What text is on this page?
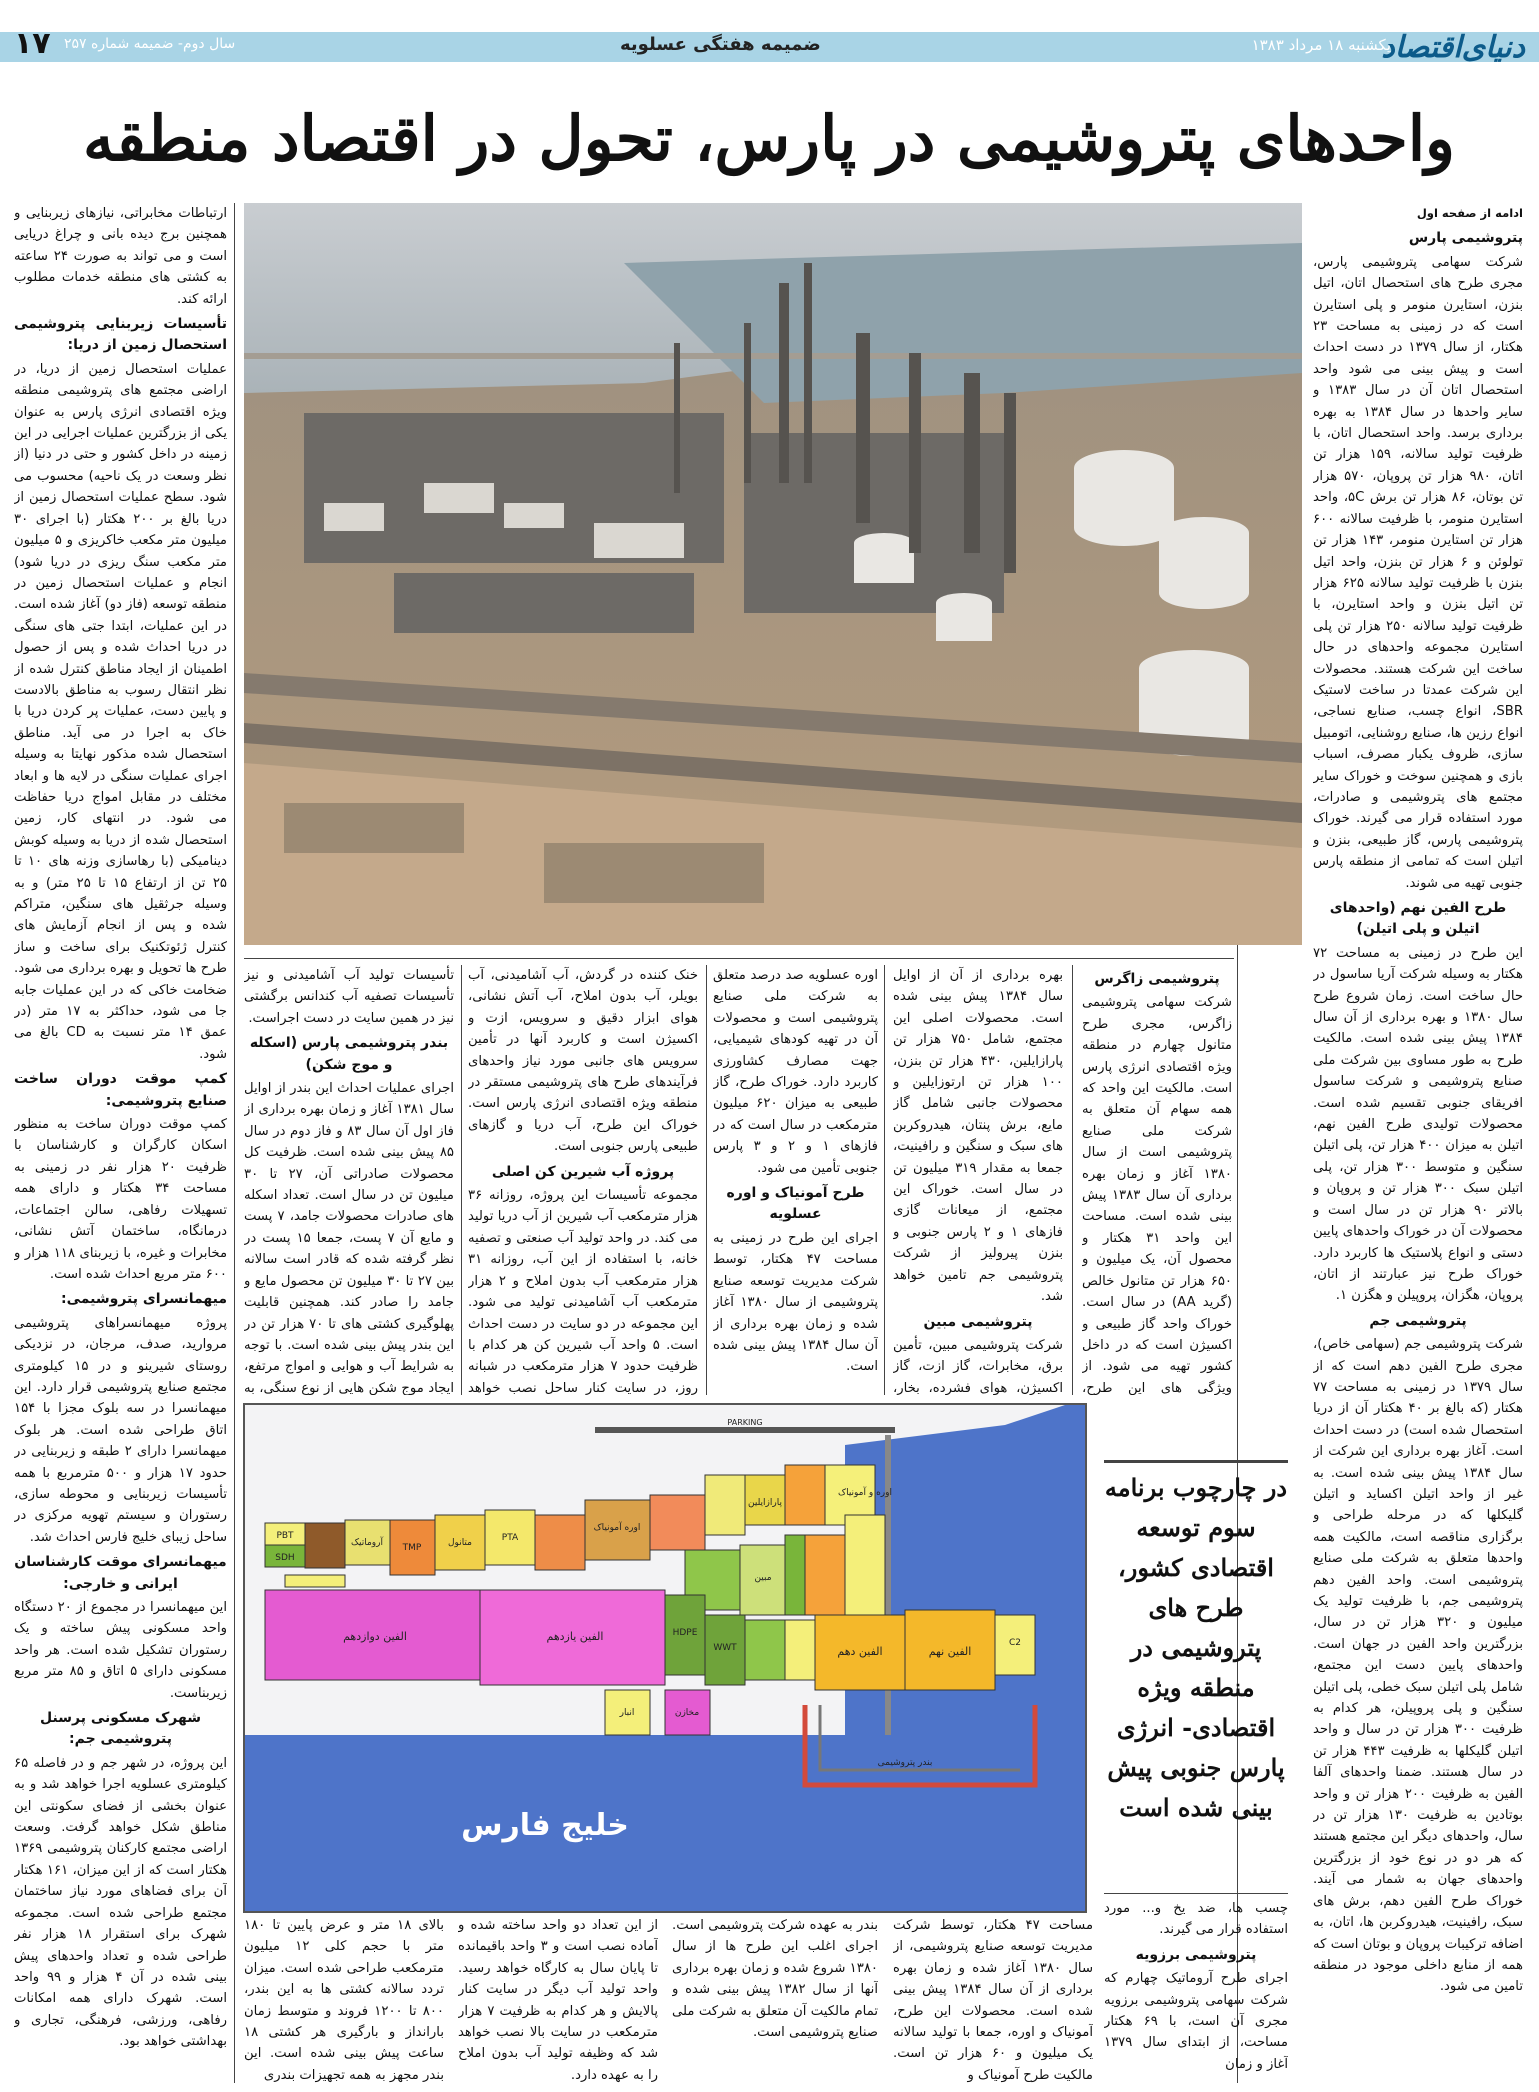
دنیای‌اقتصاد
یکشنبه ۱۸ مرداد ۱۳۸۳
ضمیمه هفتگی عسلویه
سال دوم- ضمیمه شماره ۲۵۷
۱۷
واحدهای پتروشیمی در پارس، تحول در اقتصاد منطقه

ادامه از صفحه اول

پتروشیمی پارس

شرکت سهامی پتروشیمی پارس، مجری طرح های استحصال اتان، اتیل بنزن، استایرن منومر و پلی استایرن است که در زمینی به مساحت ۲۳ هکتار، از سال ۱۳۷۹ در دست احداث است و پیش بینی می شود واحد استحصال اتان آن در سال ۱۳۸۳ و سایر واحدها در سال ۱۳۸۴ به بهره برداری برسد. واحد استحصال اتان، با ظرفیت تولید سالانه، ۱۵۹ هزار تن اتان، ۹۸۰ هزار تن پروپان، ۵۷۰ هزار تن بوتان، ۸۶ هزار تن برش ۵C، واحد استایرن منومر، با ظرفیت سالانه ۶۰۰ هزار تن استایرن منومر، ۱۴۳ هزار تن تولوئن و ۶ هزار تن بنزن، واحد اتیل بنزن با ظرفیت تولید سالانه ۶۲۵ هزار تن اتیل بنزن و واحد استایرن، با ظرفیت تولید سالانه ۲۵۰ هزار تن پلی استایرن مجموعه واحدهای در حال ساخت این شرکت هستند. محصولات این شرکت عمدتا در ساخت لاستیک SBR، انواع چسب، صنایع نساجی، انواع رزین ها، صنایع روشنایی، اتومبیل سازی، ظروف یکبار مصرف، اسباب بازی و همچنین سوخت و خوراک سایر مجتمع های پتروشیمی و صادرات، مورد استفاده قرار می گیرند. خوراک پتروشیمی پارس، گاز طبیعی، بنزن و اتیلن است که تمامی از منطقه پارس جنوبی تهیه می شوند.

طرح الفین نهم (واحدهای اتیلن و پلی اتیلن)

این طرح در زمینی به مساحت ۷۲ هکتار به وسیله شرکت آریا ساسول در حال ساخت است. زمان شروع طرح سال ۱۳۸۰ و بهره برداری از آن سال ۱۳۸۴ پیش بینی شده است. مالکیت طرح به طور مساوی بین شرکت ملی صنایع پتروشیمی و شرکت ساسول افریقای جنوبی تقسیم شده است. محصولات تولیدی طرح الفین نهم، اتیلن به میزان ۴۰۰ هزار تن، پلی اتیلن سنگین و متوسط ۳۰۰ هزار تن، پلی اتیلن سبک ۳۰۰ هزار تن و پروپان و بالاتر ۹۰ هزار تن در سال است و محصولات آن در خوراک واحدهای پایین دستی و انواع پلاستیک ها کاربرد دارد. خوراک طرح نیز عبارتند از اتان، پروپان، هگزان، پروپیلن و هگزن ۱.

پتروشیمی جم

شرکت پتروشیمی جم (سهامی خاص)، مجری طرح الفین دهم است که از سال ۱۳۷۹ در زمینی به مساحت ۷۷ هکتار (که بالغ بر ۴۰ هکتار آن از دریا استحصال شده است) در دست احداث است. آغاز بهره برداری این شرکت از سال ۱۳۸۴ پیش بینی شده است. به غیر از واحد اتیلن اکساید و اتیلن گلیکلها که در مرحله طراحی و برگزاری مناقصه است، مالکیت همه واحدها متعلق به شرکت ملی صنایع پتروشیمی است. واحد الفین دهم پتروشیمی جم، با ظرفیت تولید یک میلیون و ۳۲۰ هزار تن در سال، بزرگترین واحد الفین در جهان است. واحدهای پایین دست این مجتمع، شامل پلی اتیلن سبک خطی، پلی اتیلن سنگین و پلی پروپیلن، هر کدام به ظرفیت ۳۰۰ هزار تن در سال و واحد اتیلن گلیکلها به ظرفیت ۴۴۳ هزار تن در سال هستند. ضمنا واحدهای آلفا الفین به ظرفیت ۲۰۰ هزار تن و واحد بوتادین به ظرفیت ۱۳۰ هزار تن در سال، واحدهای دیگر این مجتمع هستند که هر دو در نوع خود از بزرگترین واحدهای جهان به شمار می آیند. خوراک طرح الفین دهم، برش های سبک، رافینیت، هیدروکربن ها، اتان، به اضافه ترکیبات پروپان و بوتان است که همه از منابع داخلی موجود در منطقه تامین می شود.

ارتباطات مخابراتی، نیازهای زیربنایی و همچنین برج دیده بانی و چراغ دریایی است و می تواند به صورت ۲۴ ساعته به کشتی های منطقه خدمات مطلوب ارائه کند.

تأسیسات زیربنایی پتروشیمی استحصال زمین از دریا:

عملیات استحصال زمین از دریا، در اراضی مجتمع های پتروشیمی منطقه ویژه اقتصادی انرژی پارس به عنوان یکی از بزرگترین عملیات اجرایی در این زمینه در داخل کشور و حتی در دنیا (از نظر وسعت در یک ناحیه) محسوب می شود. سطح عملیات استحصال زمین از دریا بالغ بر ۲۰۰ هکتار (با اجرای ۳۰ میلیون متر مکعب خاکریزی و ۵ میلیون متر مکعب سنگ ریزی در دریا شود) انجام و عملیات استحصال زمین در منطقه توسعه (فاز دو) آغاز شده است. در این عملیات، ابتدا جتی های سنگی در دریا احداث شده و پس از حصول اطمینان از ایجاد مناطق کنترل شده از نظر انتقال رسوب به مناطق بالادست و پایین دست، عملیات پر کردن دریا با خاک به اجرا در می آید. مناطق استحصال شده مذکور نهایتا به وسیله اجرای عملیات سنگی در لایه ها و ابعاد مختلف در مقابل امواج دریا حفاظت می شود. در انتهای کار، زمین استحصال شده از دریا به وسیله کوبش دینامیکی (با رهاسازی وزنه های ۱۰ تا ۲۵ تن از ارتفاع ۱۵ تا ۲۵ متر) و به وسیله جرثقیل های سنگین، متراکم شده و پس از انجام آزمایش های کنترل ژئوتکنیک برای ساخت و ساز طرح ها تحویل و بهره برداری می شود. ضخامت خاکی که در این عملیات جابه جا می شود، حداکثر به ۱۷ متر (در عمق ۱۴ متر نسبت به CD بالغ می شود.

کمپ موقت دوران ساخت صنایع پتروشیمی:

کمپ موقت دوران ساخت به منظور اسکان کارگران و کارشناسان با ظرفیت ۲۰ هزار نفر در زمینی به مساحت ۳۴ هکتار و دارای همه تسهیلات رفاهی، سالن اجتماعات، درمانگاه، ساختمان آتش نشانی، مخابرات و غیره، با زیربنای ۱۱۸ هزار و ۶۰۰ متر مربع احداث شده است.

میهمانسرای پتروشیمی:

پروژه میهمانسراهای پتروشیمی مروارید، صدف، مرجان، در نزدیکی روستای شیرینو و در ۱۵ کیلومتری مجتمع صنایع پتروشیمی قرار دارد. این میهمانسرا در سه بلوک مجزا با ۱۵۴ اتاق طراحی شده است. هر بلوک میهمانسرا دارای ۲ طبقه و زیربنایی در حدود ۱۷ هزار و ۵۰۰ مترمربع با همه تأسیسات زیربنایی و محوطه سازی، رستوران و سیستم تهویه مرکزی در ساحل زیبای خلیج فارس احداث شد.

میهمانسرای موقت کارشناسان ایرانی و خارجی:

این میهمانسرا در مجموع از ۲۰ دستگاه واحد مسکونی پیش ساخته و یک رستوران تشکیل شده است. هر واحد مسکونی دارای ۵ اتاق و ۸۵ متر مربع زیربناست.

شهرک مسکونی پرسنل پتروشیمی جم:

این پروژه، در شهر جم و در فاصله ۶۵ کیلومتری عسلویه اجرا خواهد شد و به عنوان بخشی از فضای سکونتی این مناطق شکل خواهد گرفت. وسعت اراضی مجتمع کارکنان پتروشیمی ۱۳۶۹ هکتار است که از این میزان، ۱۶۱ هکتار آن برای فضاهای مورد نیاز ساختمان مجتمع طراحی شده است. مجموعه شهرک برای استقرار ۱۸ هزار نفر طراحی شده و تعداد واحدهای پیش بینی شده در آن ۴ هزار و ۹۹ واحد است. شهرک دارای همه امکانات رفاهی، ورزشی، فرهنگی، تجاری و بهداشتی خواهد بود.

پتروشیمی زاگرس

شرکت سهامی پتروشیمی زاگرس، مجری طرح متانول چهارم در منطقه ویژه اقتصادی انرژی پارس است. مالکیت این واحد که همه سهام آن متعلق به شرکت ملی صنایع پتروشیمی است از سال ۱۳۸۰ آغاز و زمان بهره برداری آن سال ۱۳۸۳ پیش بینی شده است. مساحت این واحد ۳۱ هکتار و محصول آن، یک میلیون و ۶۵۰ هزار تن متانول خالص (گرید AA) در سال است. خوراک واحد گاز طبیعی و اکسیژن است که در داخل کشور تهیه می شود. از ویژگی های این طرح،

بهره برداری از آن از اوایل سال ۱۳۸۴ پیش بینی شده است. محصولات اصلی این مجتمع، شامل ۷۵۰ هزار تن پارازایلین، ۴۳۰ هزار تن بنزن، ۱۰۰ هزار تن ارتوزایلین و محصولات جانبی شامل گاز مایع، برش پنتان، هیدروکربن های سبک و سنگین و رافینیت، جمعا به مقدار ۳۱۹ میلیون تن در سال است. خوراک این مجتمع، از میعانات گازی فازهای ۱ و ۲ پارس جنوبی و بنزن پیرولیز از شرکت پتروشیمی جم تامین خواهد شد.

پتروشیمی مبین

شرکت پتروشیمی مبین، تأمین برق، مخابرات، گاز ازت، گاز اکسیژن، هوای فشرده، بخار،

اوره عسلویه صد درصد متعلق به شرکت ملی صنایع پتروشیمی است و محصولات آن در تهیه کودهای شیمیایی، جهت مصارف کشاورزی کاربرد دارد. خوراک طرح، گاز طبیعی به میزان ۶۲۰ میلیون مترمکعب در سال است که در فازهای ۱ و ۲ و ۳ پارس جنوبی تأمین می شود.

طرح آمونیاک و اوره عسلویه

اجرای این طرح در زمینی به مساحت ۴۷ هکتار، توسط شرکت مدیریت توسعه صنایع پتروشیمی از سال ۱۳۸۰ آغاز شده و زمان بهره برداری از آن سال ۱۳۸۴ پیش بینی شده است.

خنک کننده در گردش، آب آشامیدنی، آب بویلر، آب بدون املاح، آب آتش نشانی، هوای ابزار دقیق و سرویس، ازت و اکسیژن است و کاربرد آنها در تأمین سرویس های جانبی مورد نیاز واحدهای فرآیندهای طرح های پتروشیمی مستقر در منطقه ویژه اقتصادی انرژی پارس است. خوراک این طرح، آب دریا و گازهای طبیعی پارس جنوبی است.

پروژه آب شیرین کن اصلی

مجموعه تأسیسات این پروژه، روزانه ۳۶ هزار مترمکعب آب شیرین از آب دریا تولید می کند. در واحد تولید آب صنعتی و تصفیه خانه، با استفاده از این آب، روزانه ۳۱ هزار مترمکعب آب بدون املاح و ۲ هزار مترمکعب آب آشامیدنی تولید می شود. این مجموعه در دو سایت در دست احداث است. ۵ واحد آب شیرین کن هر کدام با ظرفیت حدود ۷ هزار مترمکعب در شبانه روز، در سایت کنار ساحل نصب خواهد

تأسیسات تولید آب آشامیدنی و نیز تأسیسات تصفیه آب کندانس برگشتی نیز در همین سایت در دست اجراست.

بندر پتروشیمی پارس (اسکله و موج شکن)

اجرای عملیات احداث این بندر از اوایل سال ۱۳۸۱ آغاز و زمان بهره برداری از فاز اول آن سال ۸۳ و فاز دوم در سال ۸۵ پیش بینی شده است. ظرفیت کل محصولات صادراتی آن، ۲۷ تا ۳۰ میلیون تن در سال است. تعداد اسکله های صادرات محصولات جامد، ۷ پست و مایع آن ۷ پست، جمعا ۱۵ پست در نظر گرفته شده که قادر است سالانه بین ۲۷ تا ۳۰ میلیون تن محصول مایع و جامد را صادر کند. همچنین قابلیت پهلوگیری کشتی های تا ۷۰ هزار تن در این بندر پیش بینی شده است. با توجه به شرایط آب و هوایی و امواج مرتفع، ایجاد موج شکن هایی از نوع سنگی، به

PBT
SDH
آروماتیک TMP	متانول	PTA
اوره آمونیاک
پارازایلین
الفین دوازدهم	الفین یازدهم
الفین دهم	الفین نهم
اوره و آمونیاک
C2
WWT
HDPE
انبار
مبین
مخازن
بندر پتروشیمی
PARKING
خلیج فارس
در چارچوب برنامه سوم توسعه اقتصادی کشور، طرح های پتروشیمی در منطقه ویژه اقتصادی- انرژی پارس جنوبی پیش بینی شده است

چسب ها، ضد یخ و... مورد استفاده قرار می گیرند.

پتروشیمی برزویه

اجرای طرح آروماتیک چهارم که شرکت سهامی پتروشیمی برزویه مجری آن است، با ۶۹ هکتار مساحت، از ابتدای سال ۱۳۷۹ آغاز و زمان

مساحت ۴۷ هکتار، توسط شرکت مدیریت توسعه صنایع پتروشیمی، از سال ۱۳۸۰ آغاز شده و زمان بهره برداری از آن سال ۱۳۸۴ پیش بینی شده است. محصولات این طرح، آمونیاک و اوره، جمعا با تولید سالانه یک میلیون و ۶۰ هزار تن است. مالکیت طرح آمونیاک و

بندر به عهده شرکت پتروشیمی است. اجرای اغلب این طرح ها از سال ۱۳۸۰ شروع شده و زمان بهره برداری آنها از سال ۱۳۸۲ پیش بینی شده و تمام مالکیت آن متعلق به شرکت ملی صنایع پتروشیمی است.

از این تعداد دو واحد ساخته شده و آماده نصب است و ۳ واحد باقیمانده تا پایان سال به کارگاه خواهد رسید. واحد تولید آب دیگر در سایت کنار پالایش و هر کدام به ظرفیت ۷ هزار مترمکعب در سایت بالا نصب خواهد شد که وظیفه تولید آب بدون املاح را به عهده دارد.

بالای ۱۸ متر و عرض پایین تا ۱۸۰ متر با حجم کلی ۱۲ میلیون مترمکعب طراحی شده است. میزان تردد سالانه کشتی ها به این بندر، ۸۰۰ تا ۱۲۰۰ فروند و متوسط زمان بارانداز و بارگیری هر کشتی ۱۸ ساعت پیش بینی شده است. این بندر مجهز به همه تجهیزات بندری
